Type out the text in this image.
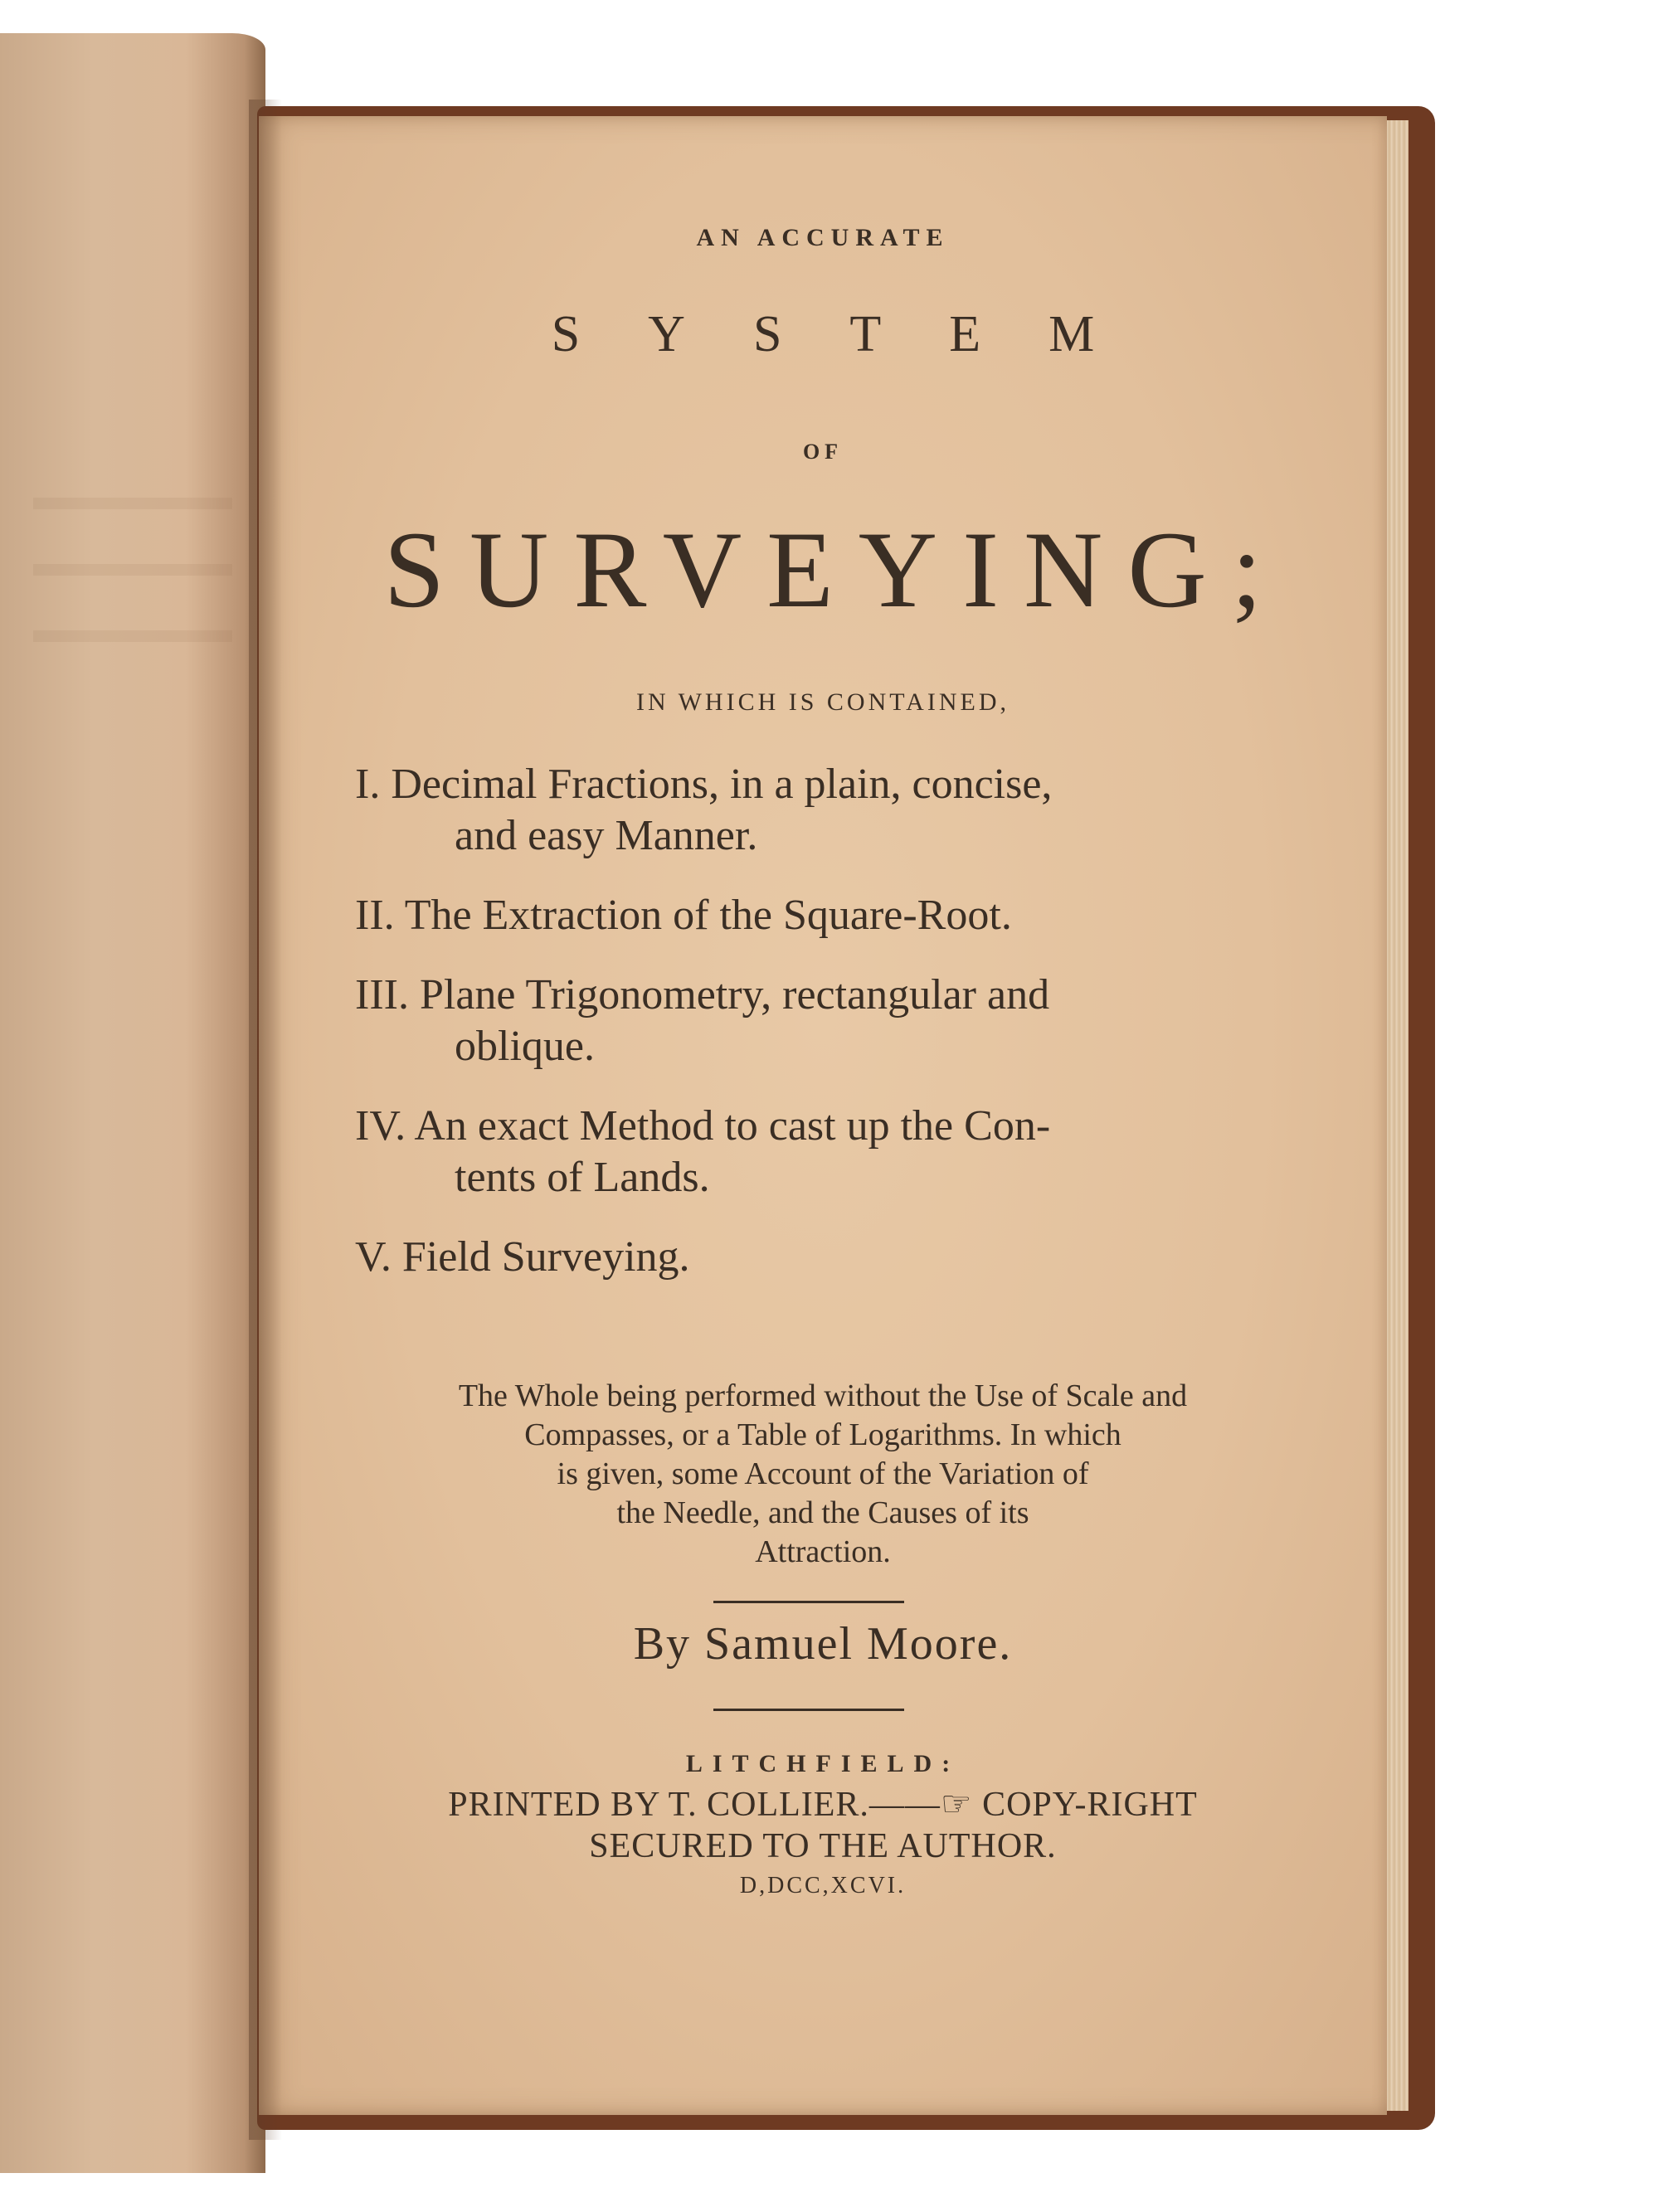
AN ACCURATE
SYSTEM
OF
SURVEYING;
IN WHICH IS CONTAINED,
I. Decimal Fractions, in a plain, concise,
and easy Manner.
II. The Extraction of the Square-Root.
III. Plane Trigonometry, rectangular and
oblique.
IV. An exact Method to cast up the Con-
tents of Lands.
V. Field Surveying.
The Whole being performed without the Use of Scale and
Compasses, or a Table of Logarithms. In which
is given, some Account of the Variation of
the Needle, and the Causes of its
Attraction.
By Samuel Moore.
LITCHFIELD:
PRINTED BY T. COLLIER.——☞ COPY-RIGHT
SECURED TO THE AUTHOR.
D,DCC,XCVI.
